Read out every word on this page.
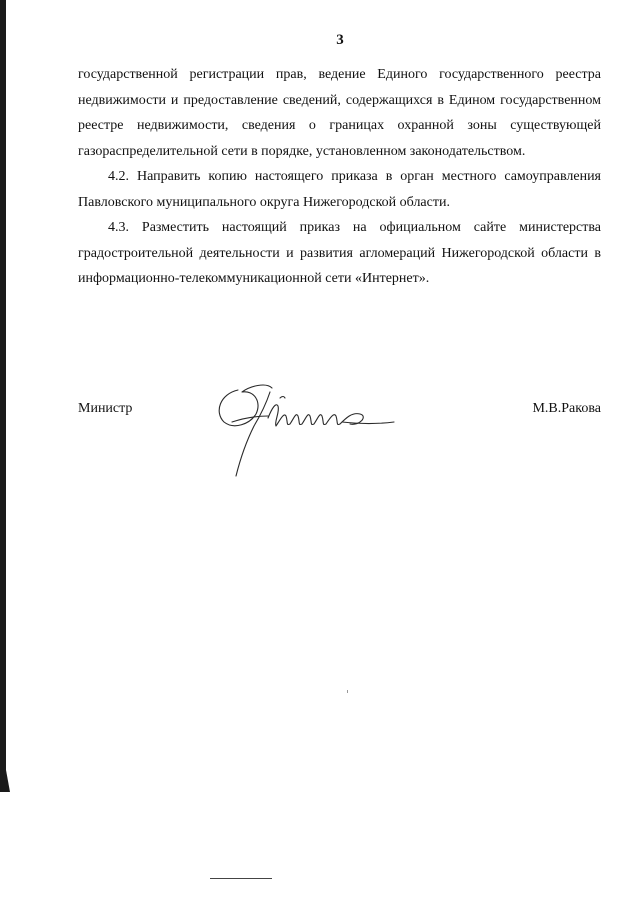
3

государственной регистрации прав, ведение Единого государственного реестра недвижимости и предоставление сведений, содержащихся в Едином государственном реестре недвижимости, сведения о границах охранной зоны существующей газораспределительной сети в порядке, установленном законодательством.

4.2. Направить копию настоящего приказа в орган местного самоуправления Павловского муниципального округа Нижегородской области.

4.3. Разместить настоящий приказ на официальном сайте министерства градостроительной деятельности и развития агломераций Нижегородской области в информационно-телекоммуникационной сети «Интернет».

Министр	М.В.Ракова
